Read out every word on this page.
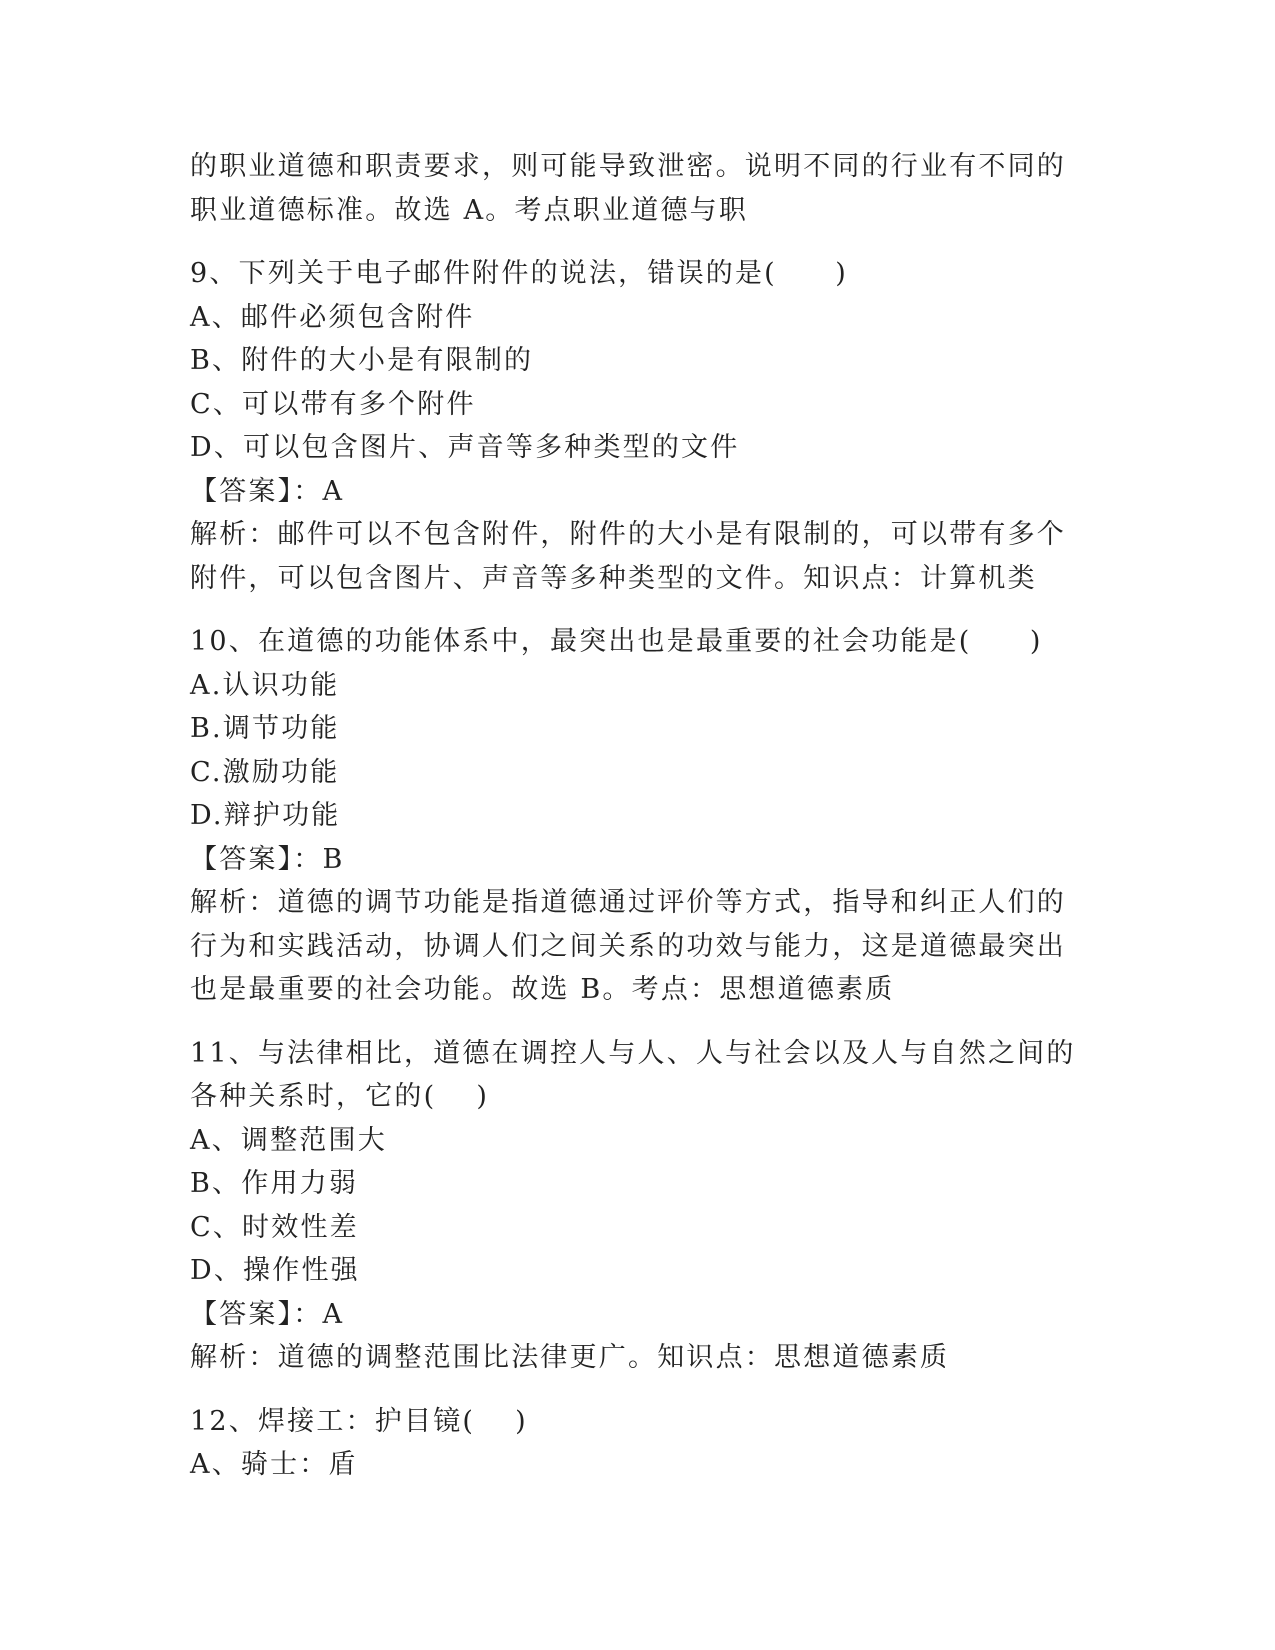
的职业道德和职责要求，则可能导致泄密。说明不同的行业有不同的
职业道德标准。故选 A。考点职业道德与职
9、下列关于电子邮件附件的说法，错误的是(　　)
A、邮件必须包含附件
B、附件的大小是有限制的
C、可以带有多个附件
D、可以包含图片、声音等多种类型的文件
【答案】：A
解析：邮件可以不包含附件，附件的大小是有限制的，可以带有多个
附件，可以包含图片、声音等多种类型的文件。知识点：计算机类
10、在道德的功能体系中，最突出也是最重要的社会功能是(　　)
A.认识功能
B.调节功能
C.激励功能
D.辩护功能
【答案】：B
解析：道德的调节功能是指道德通过评价等方式，指导和纠正人们的
行为和实践活动，协调人们之间关系的功效与能力，这是道德最突出
也是最重要的社会功能。故选 B。考点：思想道德素质
11、与法律相比，道德在调控人与人、人与社会以及人与自然之间的
各种关系时，它的(　 )
A、调整范围大
B、作用力弱
C、时效性差
D、操作性强
【答案】：A
解析：道德的调整范围比法律更广。知识点：思想道德素质
12、焊接工：护目镜(　 )
A、骑士：盾
